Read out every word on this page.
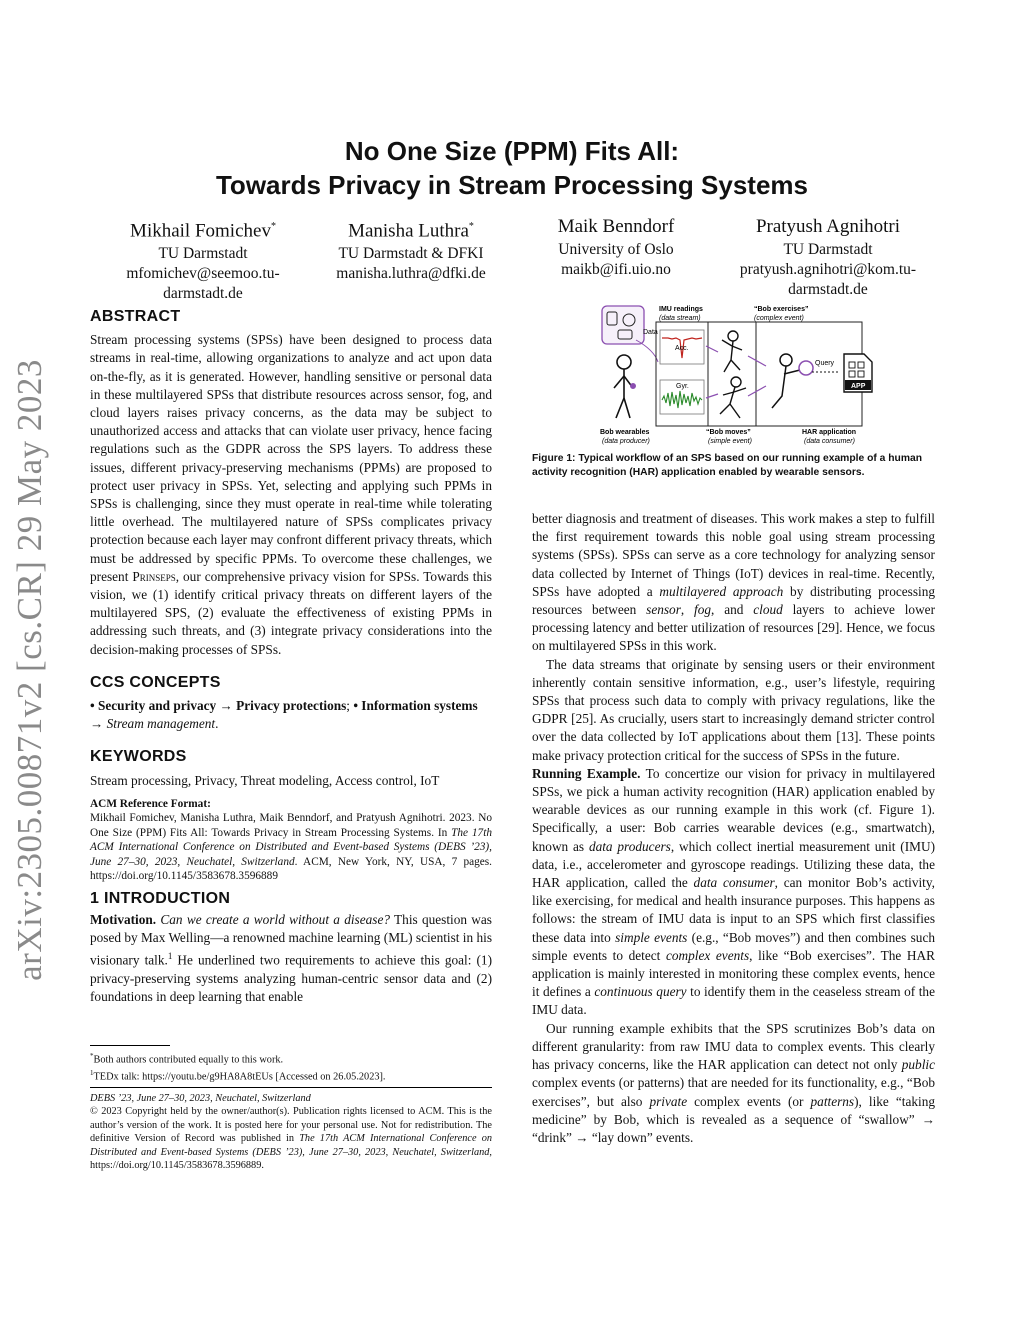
arXiv:2305.00871v2 [cs.CR] 29 May 2023
No One Size (PPM) Fits All:
Towards Privacy in Stream Processing Systems
Mikhail Fomichev*
TU Darmstadt
mfomichev@seemoo.tu-
darmstadt.de
Manisha Luthra*
TU Darmstadt & DFKI
manisha.luthra@dfki.de
Maik Benndorf
University of Oslo
maikb@ifi.uio.no
Pratyush Agnihotri
TU Darmstadt
pratyush.agnihotri@kom.tu-
darmstadt.de
ABSTRACT

Stream processing systems (SPSs) have been designed to process data streams in real-time, allowing organizations to analyze and act upon data on-the-fly, as it is generated. However, handling sensitive or personal data in these multilayered SPSs that distribute resources across sensor, fog, and cloud layers raises privacy concerns, as the data may be subject to unauthorized access and attacks that can violate user privacy, hence facing regulations such as the GDPR across the SPS layers. To address these issues, different privacy-preserving mechanisms (PPMs) are proposed to protect user privacy in SPSs. Yet, selecting and applying such PPMs in SPSs is challenging, since they must operate in real-time while tolerating little overhead. The multilayered nature of SPSs complicates privacy protection because each layer may confront different privacy threats, which must be addressed by specific PPMs. To overcome these challenges, we present Prinseps, our comprehensive privacy vision for SPSs. Towards this vision, we (1) identify critical privacy threats on different layers of the multilayered SPS, (2) evaluate the effectiveness of existing PPMs in addressing such threats, and (3) integrate privacy considerations into the decision-making processes of SPSs.

CCS CONCEPTS

• Security and privacy → Privacy protections; • Information systems → Stream management.

KEYWORDS

Stream processing, Privacy, Threat modeling, Access control, IoT

ACM Reference Format:
Mikhail Fomichev, Manisha Luthra, Maik Benndorf, and Pratyush Agnihotri. 2023. No One Size (PPM) Fits All: Towards Privacy in Stream Processing Systems. In The 17th ACM International Conference on Distributed and Event-based Systems (DEBS ’23), June 27–30, 2023, Neuchatel, Switzerland. ACM, New York, NY, USA, 7 pages. https://doi.org/10.1145/3583678.3596889
1 INTRODUCTION

Motivation. Can we create a world without a disease? This question was posed by Max Welling—a renowned machine learning (ML) scientist in his visionary talk.$^1$ He underlined two requirements to achieve this goal: (1) privacy-preserving systems analyzing human-centric sensor data and (2) foundations in deep learning that enable

*Both authors contributed equally to this work.
$^1$TEDx talk: https://youtu.be/g9HA8A8tEUs [Accessed on 26.05.2023].
DEBS ’23, June 27–30, 2023, Neuchatel, Switzerland
© 2023 Copyright held by the owner/author(s). Publication rights licensed to ACM. This is the author’s version of the work. It is posted here for your personal use. Not for redistribution. The definitive Version of Record was published in The 17th ACM International Conference on Distributed and Event-based Systems (DEBS ’23), June 27–30, 2023, Neuchatel, Switzerland, https://doi.org/10.1145/3583678.3596889.
IMU readings
(data stream)
“Bob exercises”
(complex event)
Data
Acc.
Gyr.
Query
APP
Bob wearables
(data producer)
“Bob moves”
(simple event)
HAR application
(data consumer)
Figure 1: Typical workflow of an SPS based on our running example of a human activity recognition (HAR) application enabled by wearable sensors.

better diagnosis and treatment of diseases. This work makes a step to fulfill the first requirement towards this noble goal using stream processing systems (SPSs). SPSs can serve as a core technology for analyzing sensor data collected by Internet of Things (IoT) devices in real-time. Recently, SPSs have adopted a multilayered approach by distributing processing resources between sensor, fog, and cloud layers to achieve lower processing latency and better utilization of resources [29]. Hence, we focus on multilayered SPSs in this work.

The data streams that originate by sensing users or their environment inherently contain sensitive information, e.g., user’s lifestyle, requiring SPSs that process such data to comply with privacy regulations, like the GDPR [25]. As crucially, users start to increasingly demand stricter control over the data collected by IoT applications about them [13]. These points make privacy protection critical for the success of SPSs in the future.

Running Example. To concertize our vision for privacy in multilayered SPSs, we pick a human activity recognition (HAR) application enabled by wearable devices as our running example in this work (cf. Figure 1). Specifically, a user: Bob carries wearable devices (e.g., smartwatch), known as data producers, which collect inertial measurement unit (IMU) data, i.e., accelerometer and gyroscope readings. Utilizing these data, the HAR application, called the data consumer, can monitor Bob’s activity, like exercising, for medical and health insurance purposes. This happens as follows: the stream of IMU data is input to an SPS which first classifies these data into simple events (e.g., “Bob moves”) and then combines such simple events to detect complex events, like “Bob exercises”. The HAR application is mainly interested in monitoring these complex events, hence it defines a continuous query to identify them in the ceaseless stream of the IMU data.

Our running example exhibits that the SPS scrutinizes Bob’s data on different granularity: from raw IMU data to complex events. This clearly has privacy concerns, like the HAR application can detect not only public complex events (or patterns) that are needed for its functionality, e.g., “Bob exercises”, but also private complex events (or patterns), like “taking medicine” by Bob, which is revealed as a sequence of “swallow” → “drink” → “lay down” events.
